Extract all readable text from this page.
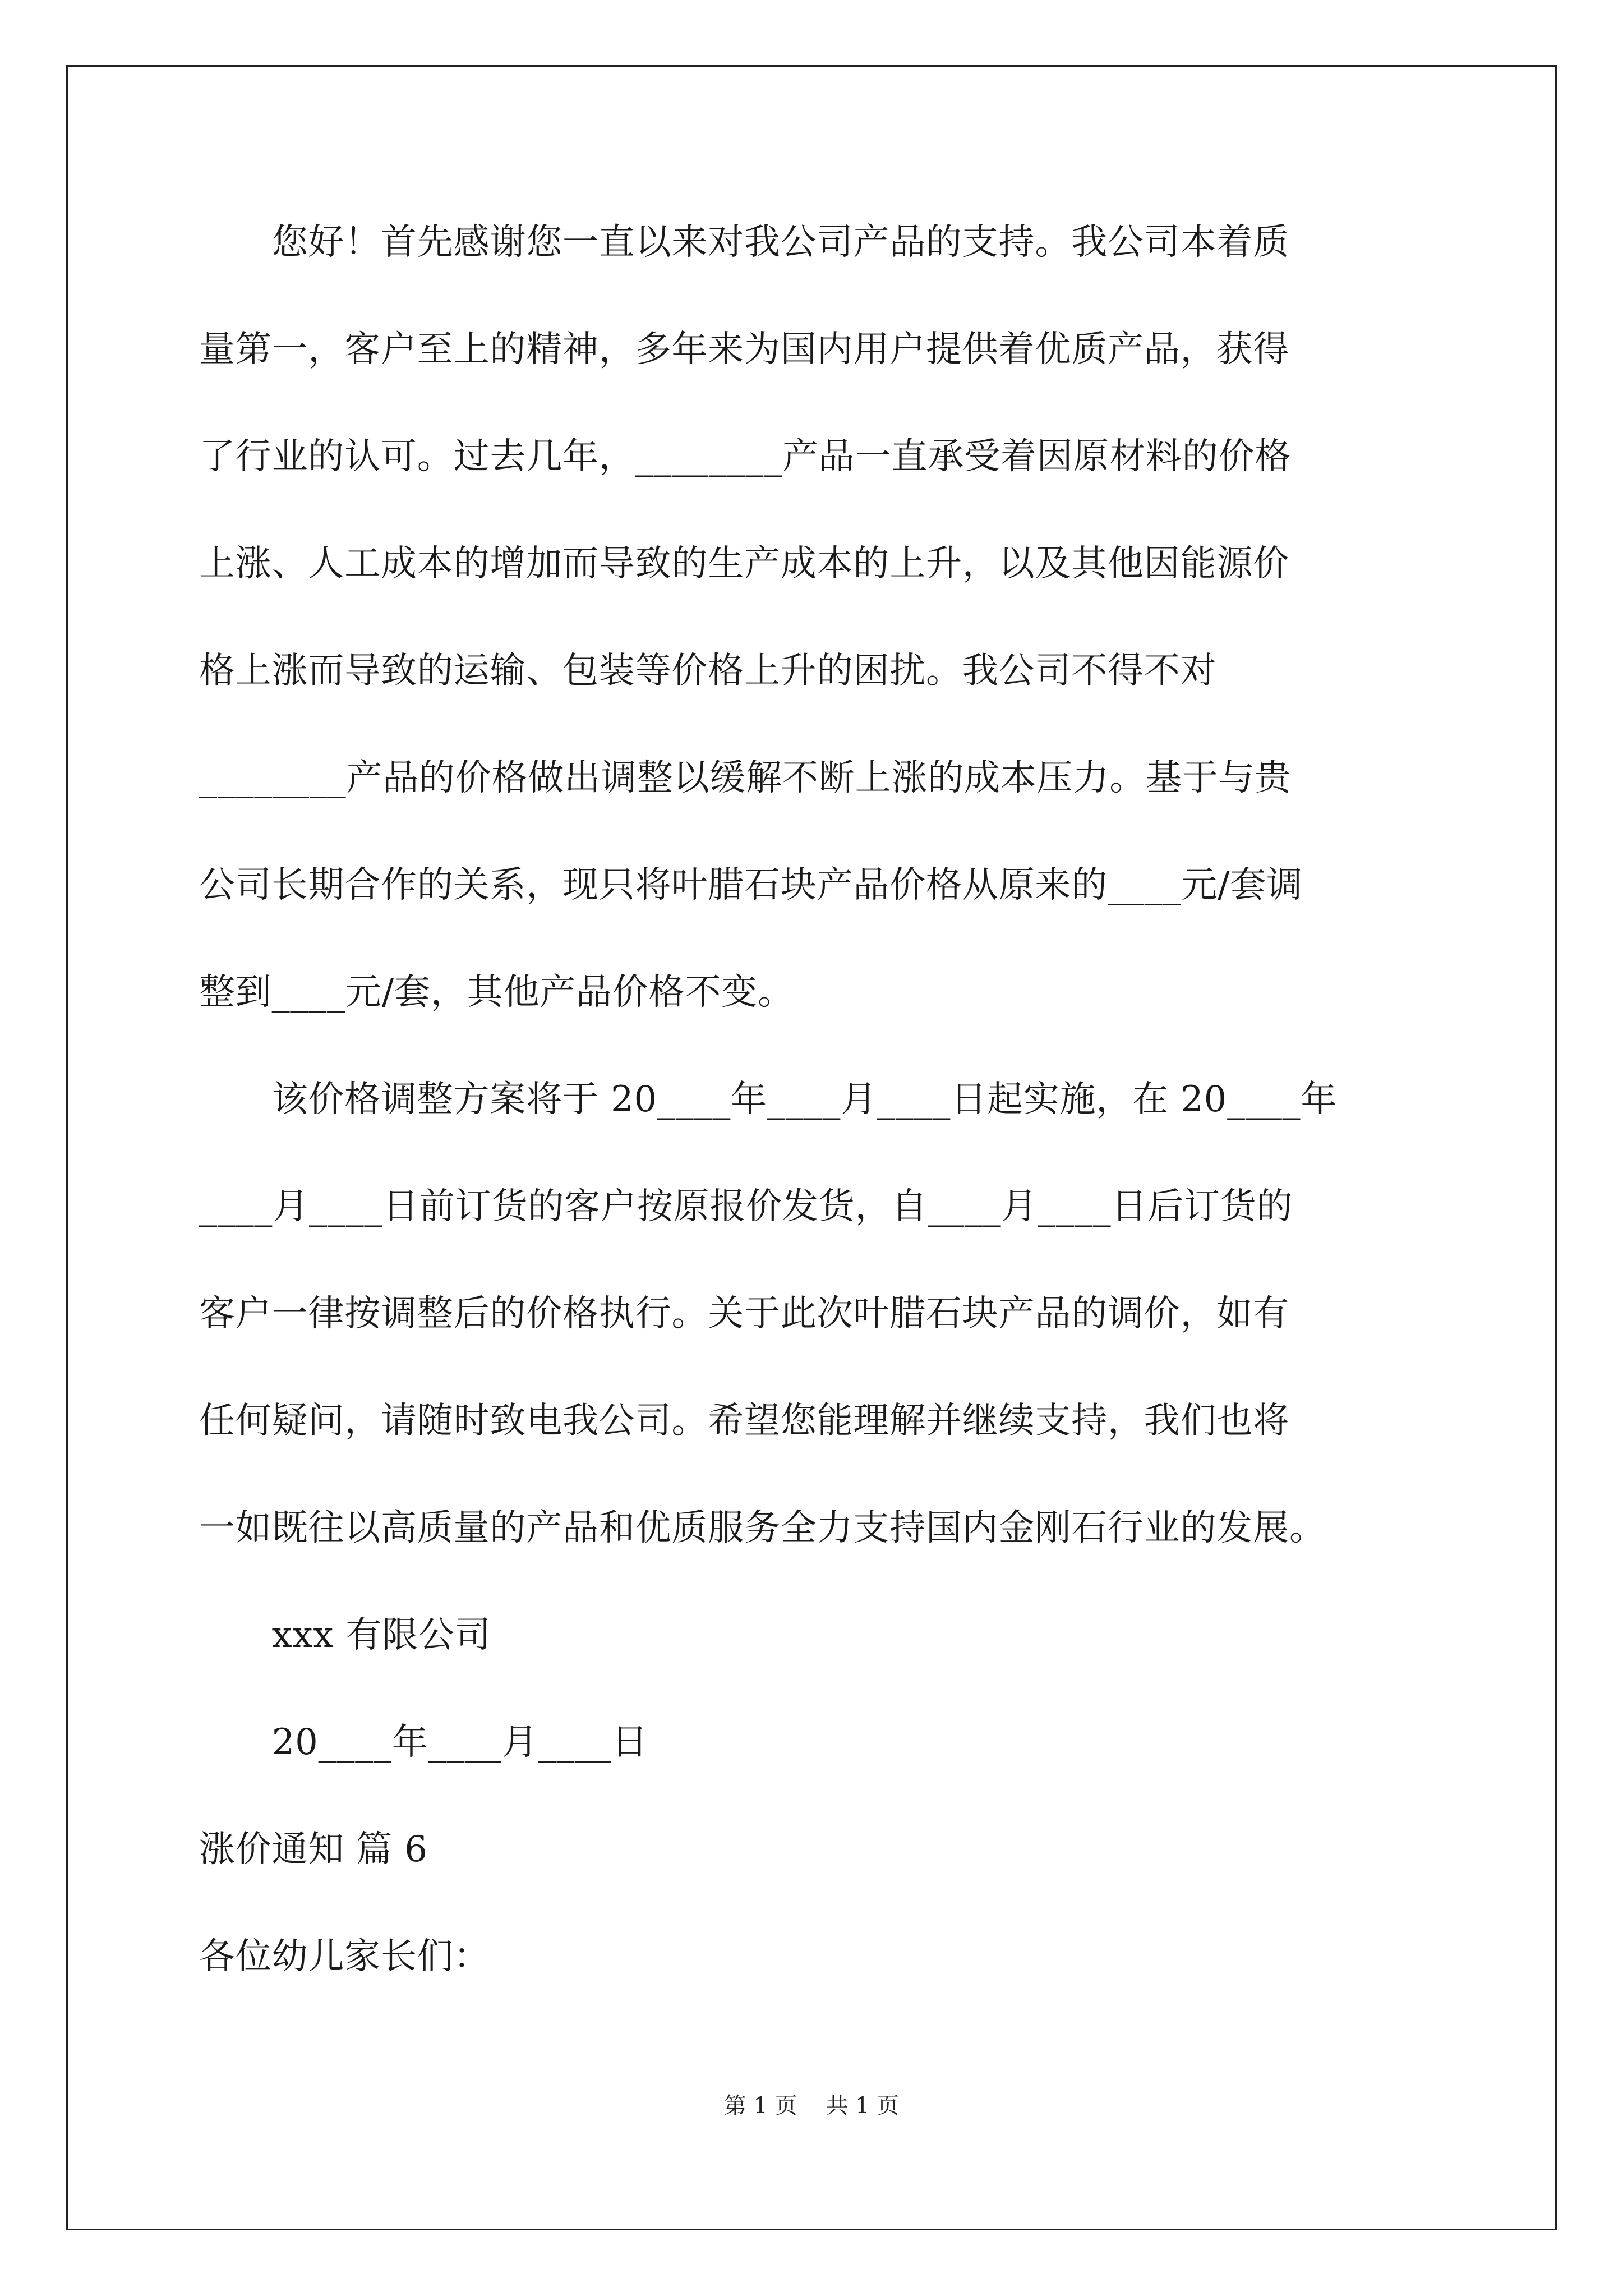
　　您好！首先感谢您一直以来对我公司产品的支持。我公司本着质
量第一，客户至上的精神，多年来为国内用户提供着优质产品，获得
了行业的认可。过去几年，________产品一直承受着因原材料的价格
上涨、人工成本的增加而导致的生产成本的上升，以及其他因能源价
格上涨而导致的运输、包装等价格上升的困扰。我公司不得不对
________产品的价格做出调整以缓解不断上涨的成本压力。基于与贵
公司长期合作的关系，现只将叶腊石块产品价格从原来的____元/套调
整到____元/套，其他产品价格不变。
　　该价格调整方案将于 20____年____月____日起实施，在 20____年
____月____日前订货的客户按原报价发货，自____月____日后订货的
客户一律按调整后的价格执行。关于此次叶腊石块产品的调价，如有
任何疑问，请随时致电我公司。希望您能理解并继续支持，我们也将
一如既往以高质量的产品和优质服务全力支持国内金刚石行业的发展。
　　xxx 有限公司
　　20____年____月____日
涨价通知 篇 6
各位幼儿家长们：
第 1 页    共 1 页
